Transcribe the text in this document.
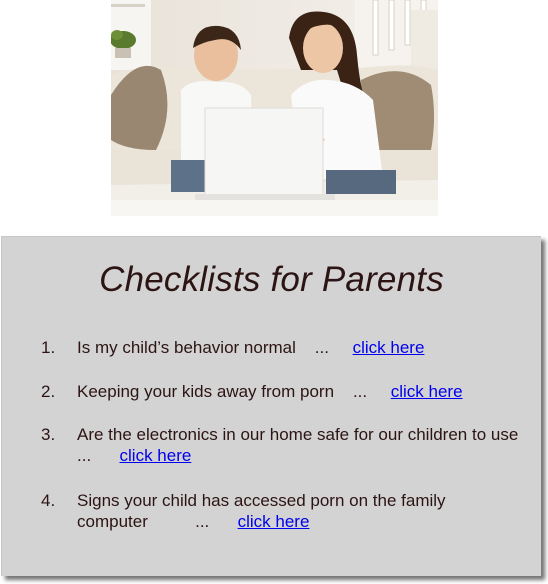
Checklists for Parents
1. Is my child’s behavior normal ... click here
2. Keeping your kids away from porn ... click here
3. Are the electronics in our home safe for our children to use ... click here
4. Signs your child has accessed porn on the family computer	... click here
